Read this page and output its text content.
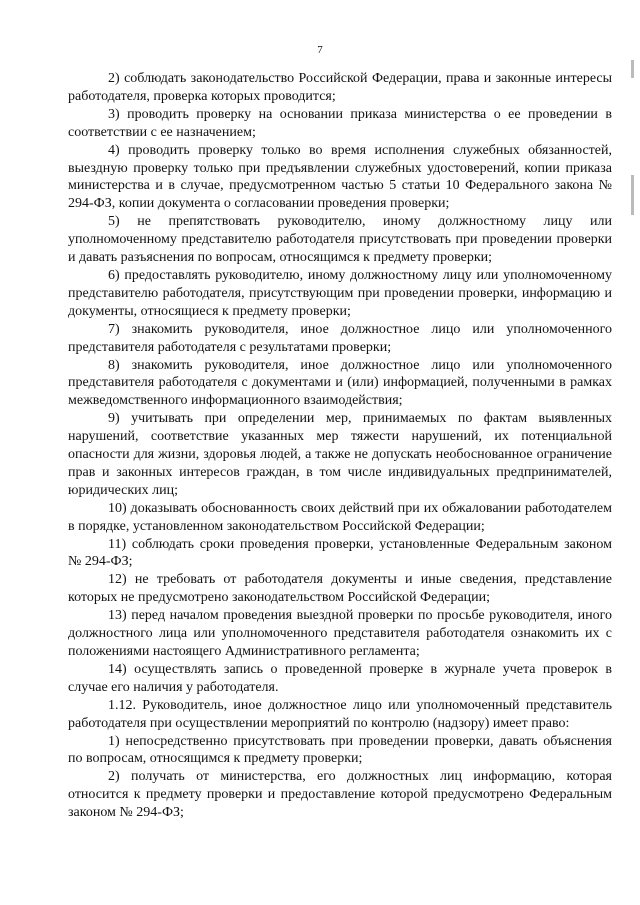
7

2) соблюдать законодательство Российской Федерации, права и законные интересы работодателя, проверка которых проводится;

3) проводить проверку на основании приказа министерства о ее проведении в соответствии с ее назначением;

4) проводить проверку только во время исполнения служебных обязанностей, выездную проверку только при предъявлении служебных удостоверений, копии приказа министерства и в случае, предусмотренном частью 5 статьи 10 Федерального закона № 294-ФЗ, копии документа о согласовании проведения проверки;

5) не препятствовать руководителю, иному должностному лицу или уполномоченному представителю работодателя присутствовать при проведении проверки и давать разъяснения по вопросам, относящимся к предмету проверки;

6) предоставлять руководителю, иному должностному лицу или уполномоченному представителю работодателя, присутствующим при проведении проверки, информацию и документы, относящиеся к предмету проверки;

7) знакомить руководителя, иное должностное лицо или уполномоченного представителя работодателя с результатами проверки;

8) знакомить руководителя, иное должностное лицо или уполномоченного представителя работодателя с документами и (или) информацией, полученными в рамках межведомственного информационного взаимодействия;

9) учитывать при определении мер, принимаемых по фактам выявленных нарушений, соответствие указанных мер тяжести нарушений, их потенциальной опасности для жизни, здоровья людей, а также не допускать необоснованное ограничение прав и законных интересов граждан, в том числе индивидуальных предпринимателей, юридических лиц;

10) доказывать обоснованность своих действий при их обжаловании работодателем в порядке, установленном законодательством Российской Федерации;

11) соблюдать сроки проведения проверки, установленные Федеральным законом № 294-ФЗ;

12) не требовать от работодателя документы и иные сведения, представление которых не предусмотрено законодательством Российской Федерации;

13) перед началом проведения выездной проверки по просьбе руководителя, иного должностного лица или уполномоченного представителя работодателя ознакомить их с положениями настоящего Административного регламента;

14) осуществлять запись о проведенной проверке в журнале учета проверок в случае его наличия у работодателя.

1.12. Руководитель, иное должностное лицо или уполномоченный представитель работодателя при осуществлении мероприятий по контролю (надзору) имеет право:

1) непосредственно присутствовать при проведении проверки, давать объяснения по вопросам, относящимся к предмету проверки;

2) получать от министерства, его должностных лиц информацию, которая относится к предмету проверки и предоставление которой предусмотрено Федеральным законом № 294-ФЗ;
